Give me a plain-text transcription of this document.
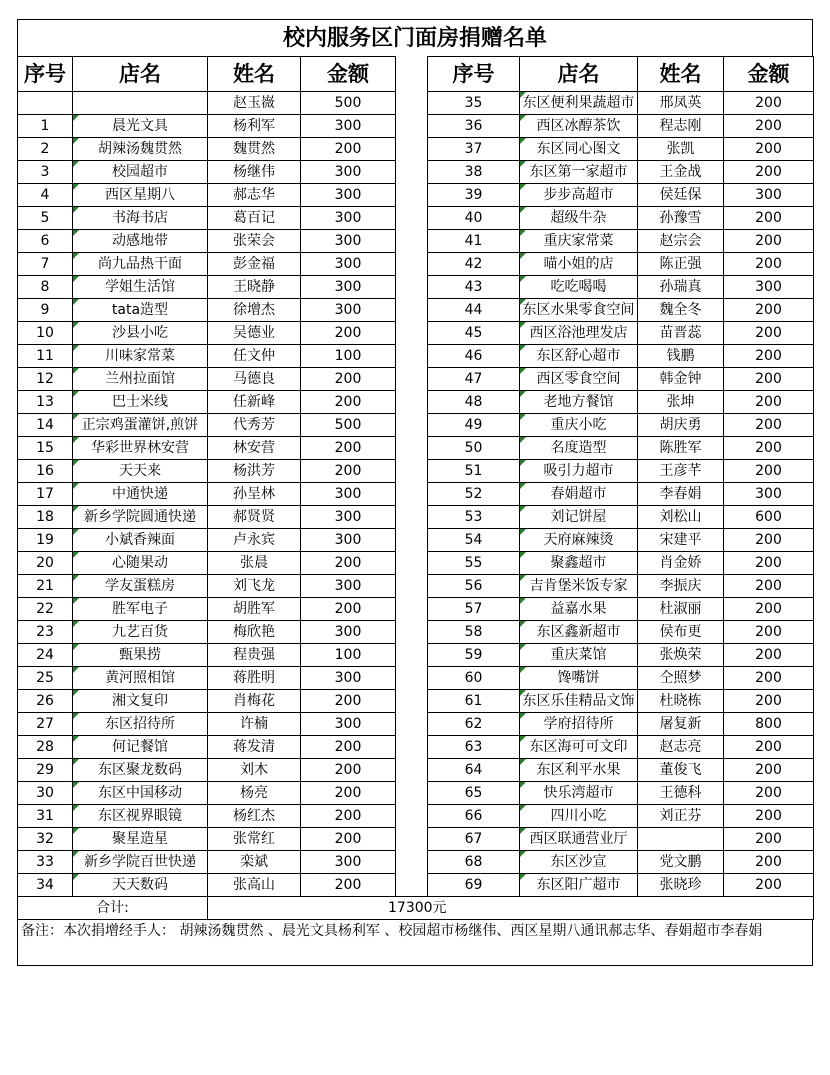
校内服务区门面房捐赠名单
序号	店名	姓名	金额		序号	店名	姓名	金额
		赵玉嶶	500		35	东区便利果蔬超市	邢凤英	200
1	晨光文具	杨利军	300		36	西区冰醇茶饮	程志刚	200
2	胡辣汤魏贯然	魏贯然	200		37	东区同心图文	张凯	200
3	校园超市	杨继伟	300		38	东区第一家超市	王金战	200
4	西区星期八	郝志华	300		39	步步高超市	侯廷保	300
5	书海书店	葛百记	300		40	超级牛杂	孙豫雪	200
6	动感地带	张荣会	300		41	重庆家常菜	赵宗会	200
7	尚九品热干面	彭金福	300		42	喵小姐的店	陈正强	200
8	学姐生活馆	王晓静	300		43	吃吃喝喝	孙瑞真	300
9	tata造型	徐增杰	300		44	东区水果零食空间	魏全冬	200
10	沙县小吃	吴德业	200		45	西区浴池理发店	苗晋蕊	200
11	川味家常菜	任文仲	100		46	东区舒心超市	钱鹏	200
12	兰州拉面馆	马德良	200		47	西区零食空间	韩金钟	200
13	巴士米线	任新峰	200		48	老地方餐馆	张坤	200
14	正宗鸡蛋灌饼,煎饼	代秀芳	500		49	重庆小吃	胡庆勇	200
15	华彩世界林安营	林安营	200		50	名度造型	陈胜军	200
16	天天来	杨洪芳	200		51	吸引力超市	王彦芊	200
17	中通快递	孙呈林	300		52	春娟超市	李春娟	300
18	新乡学院圆通快递	郝贤贤	300		53	刘记饼屋	刘松山	600
19	小斌香辣面	卢永宾	300		54	天府麻辣烫	宋建平	200
20	心随果动	张晨	200		55	聚鑫超市	肖金娇	200
21	学友蛋糕房	刘飞龙	300		56	吉肯堡米饭专家	李振庆	200
22	胜军电子	胡胜军	200		57	益嘉水果	杜淑丽	200
23	九艺百货	梅欣艳	300		58	东区鑫新超市	侯布更	200
24	甄果捞	程贵强	100		59	重庆菜馆	张焕荣	200
25	黄河照相馆	蒋胜明	300		60	馋嘴饼	仝照梦	200
26	湘文复印	肖梅花	200		61	东区乐佳精品文饰	杜晓栋	200
27	东区招待所	许楠	300		62	学府招待所	屠复新	800
28	何记餐馆	蒋发清	200		63	东区海可可文印	赵志亮	200
29	东区聚龙数码	刘木	200		64	东区利平水果	董俊飞	200
30	东区中国移动	杨亮	200		65	快乐湾超市	王德科	200
31	东区视界眼镜	杨红杰	200		66	四川小吃	刘正芬	200
32	聚星造星	张常红	200		67	西区联通营业厅		200
33	新乡学院百世快递	栾斌	300		68	东区沙宣	党文鹏	200
34	天天数码	张高山	200		69	东区阳广超市	张晓珍	200
合计:		17300元						
备注：本次捐增经手人： 胡辣汤魏贯然 、晨光文具杨利军 、校园超市杨继伟、西区星期八通讯郝志华、春娟超市李春娟
